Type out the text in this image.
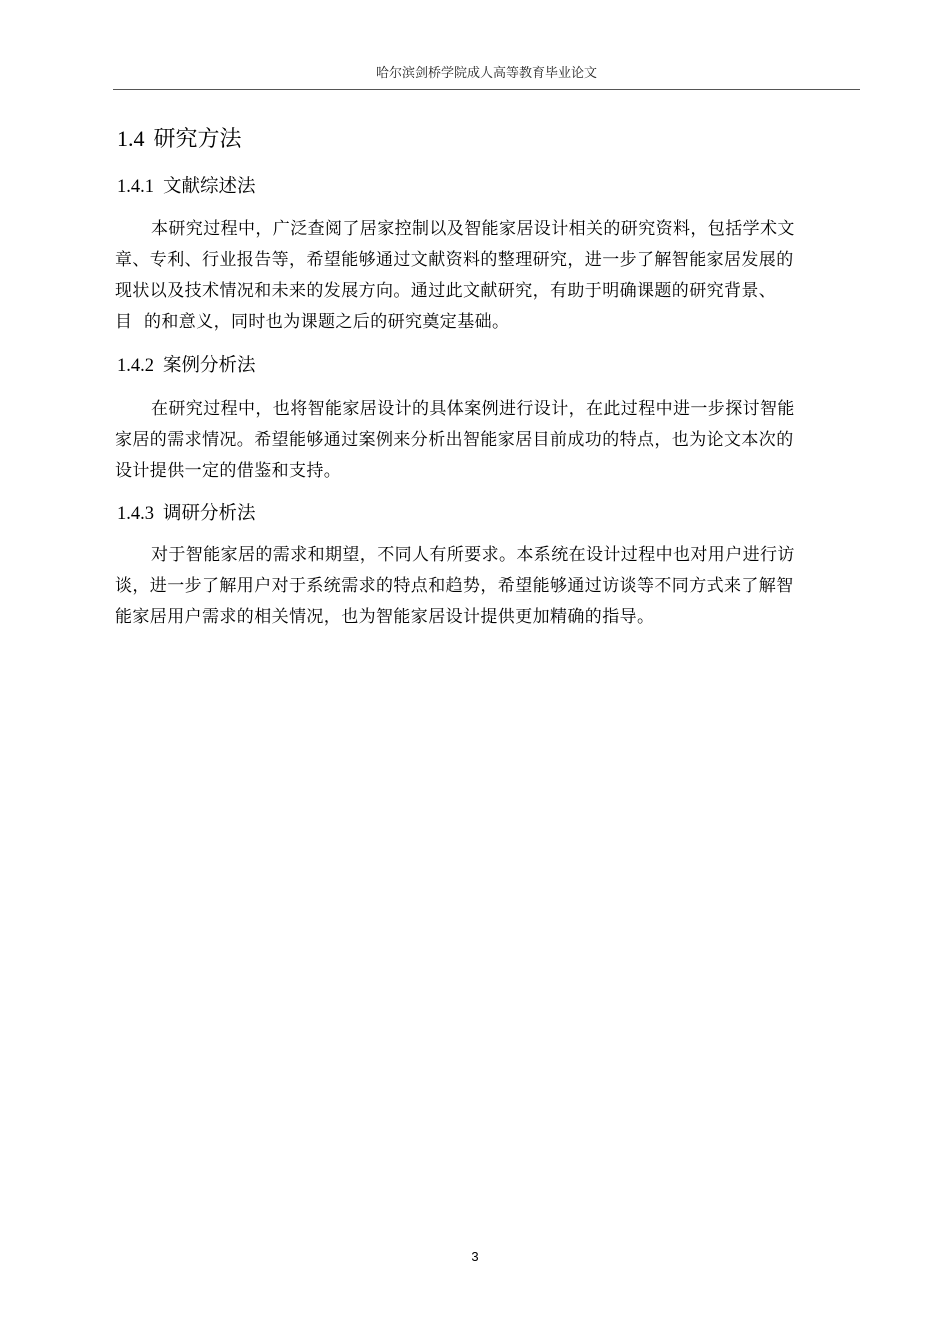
哈尔滨剑桥学院成人高等教育毕业论文
1.4 研究方法
1.4.1 文献综述法

本研究过程中，广泛查阅了居家控制以及智能家居设计相关的研究资料，包括学术文
章、专利、行业报告等，希望能够通过文献资料的整理研究，进一步了解智能家居发展的
现状以及技术情况和未来的发展方向。通过此文献研究，有助于明确课题的研究背景、
目  的和意义，同时也为课题之后的研究奠定基础。

1.4.2 案例分析法

在研究过程中，也将智能家居设计的具体案例进行设计，在此过程中进一步探讨智能
家居的需求情况。希望能够通过案例来分析出智能家居目前成功的特点，也为论文本次的
设计提供一定的借鉴和支持。

1.4.3 调研分析法

对于智能家居的需求和期望，不同人有所要求。本系统在设计过程中也对用户进行访
谈，进一步了解用户对于系统需求的特点和趋势，希望能够通过访谈等不同方式来了解智
能家居用户需求的相关情况，也为智能家居设计提供更加精确的指导。

3
